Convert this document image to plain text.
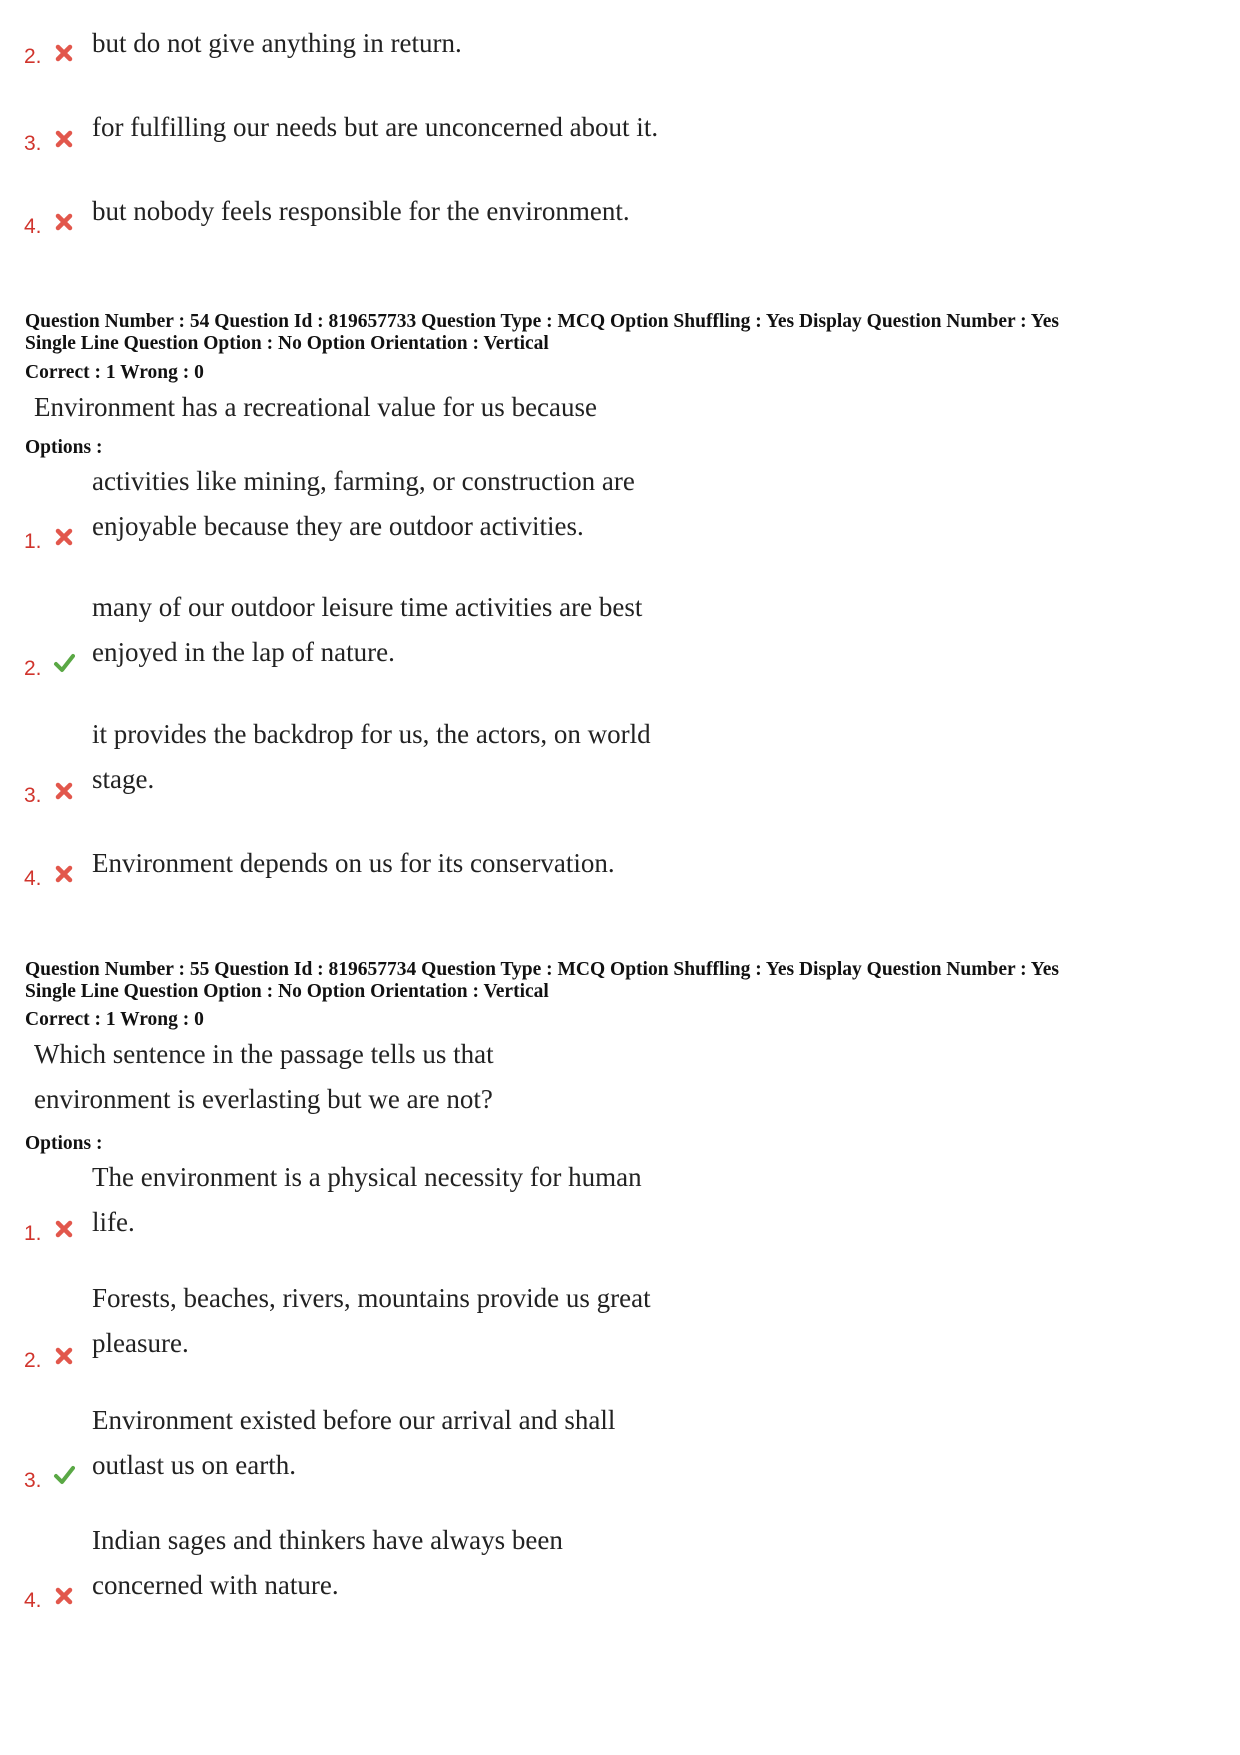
2. but do not give anything in return.
3.
for fulfilling our needs but are unconcerned about it.
4.
but nobody feels responsible for the environment.
Question Number : 54 Question Id : 819657733 Question Type : MCQ Option Shuffling : Yes Display Question Number : Yes
Single Line Question Option : No Option Orientation : Vertical
Correct : 1 Wrong : 0
Environment has a recreational value for us because
Options :
1.
activities like mining, farming, or construction are
enjoyable because they are outdoor activities.
2.
many of our outdoor leisure time activities are best
enjoyed in the lap of nature.
3.
it provides the backdrop for us, the actors, on world
stage.
4.
Environment depends on us for its conservation.
Question Number : 55 Question Id : 819657734 Question Type : MCQ Option Shuffling : Yes Display Question Number : Yes
Single Line Question Option : No Option Orientation : Vertical
Correct : 1 Wrong : 0
Which sentence in the passage tells us that
environment is everlasting but we are not?
Options :
1.
The environment is a physical necessity for human
life.
2.
Forests, beaches, rivers, mountains provide us great
pleasure.
3.
Environment existed before our arrival and shall
outlast us on earth.
4.
Indian sages and thinkers have always been
concerned with nature.
